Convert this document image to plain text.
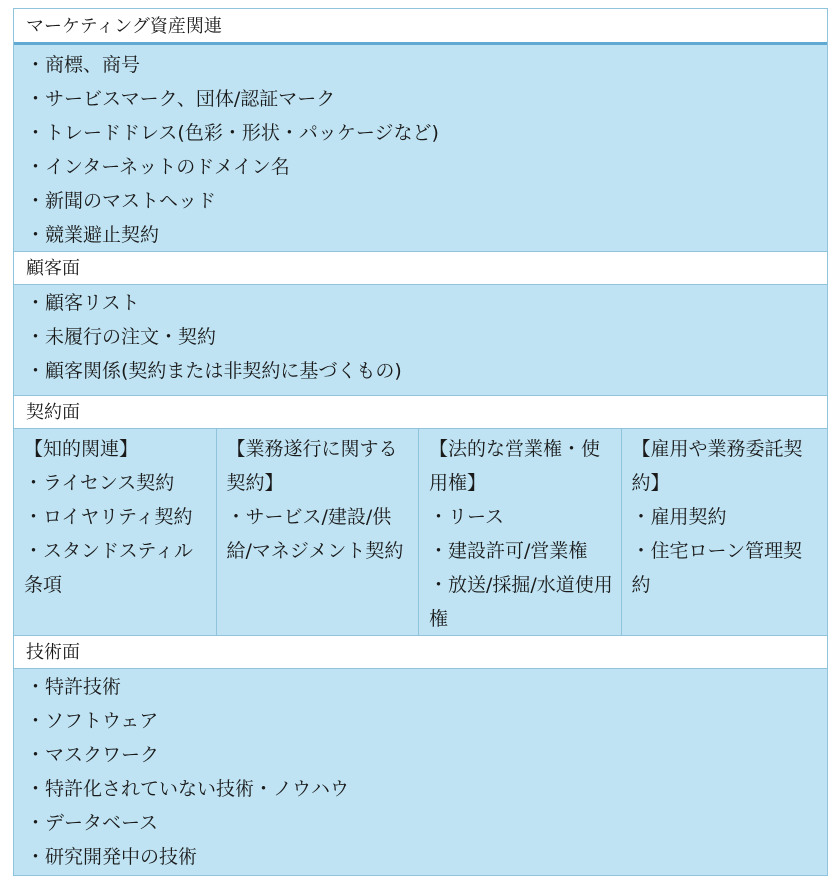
マーケティング資産関連
・商標、商号
・サービスマーク、団体/認証マーク
・トレードドレス(色彩・形状・パッケージなど)
・インターネットのドメイン名
・新聞のマストヘッド
・競業避止契約
顧客面
・顧客リスト
・未履行の注文・契約
・顧客関係(契約または非契約に基づくもの)
契約面
【知的関連】
・ライセンス契約
・ロイヤリティ契約
・スタンドスティル条項
【業務遂行に関する契約】
・サービス/建設/供給/マネジメント契約
【法的な営業権・使用権】
・リース
・建設許可/営業権
・放送/採掘/水道使用権
【雇用や業務委託契約】
・雇用契約
・住宅ローン管理契約
技術面
・特許技術
・ソフトウェア
・マスクワーク
・特許化されていない技術・ノウハウ
・データベース
・研究開発中の技術
